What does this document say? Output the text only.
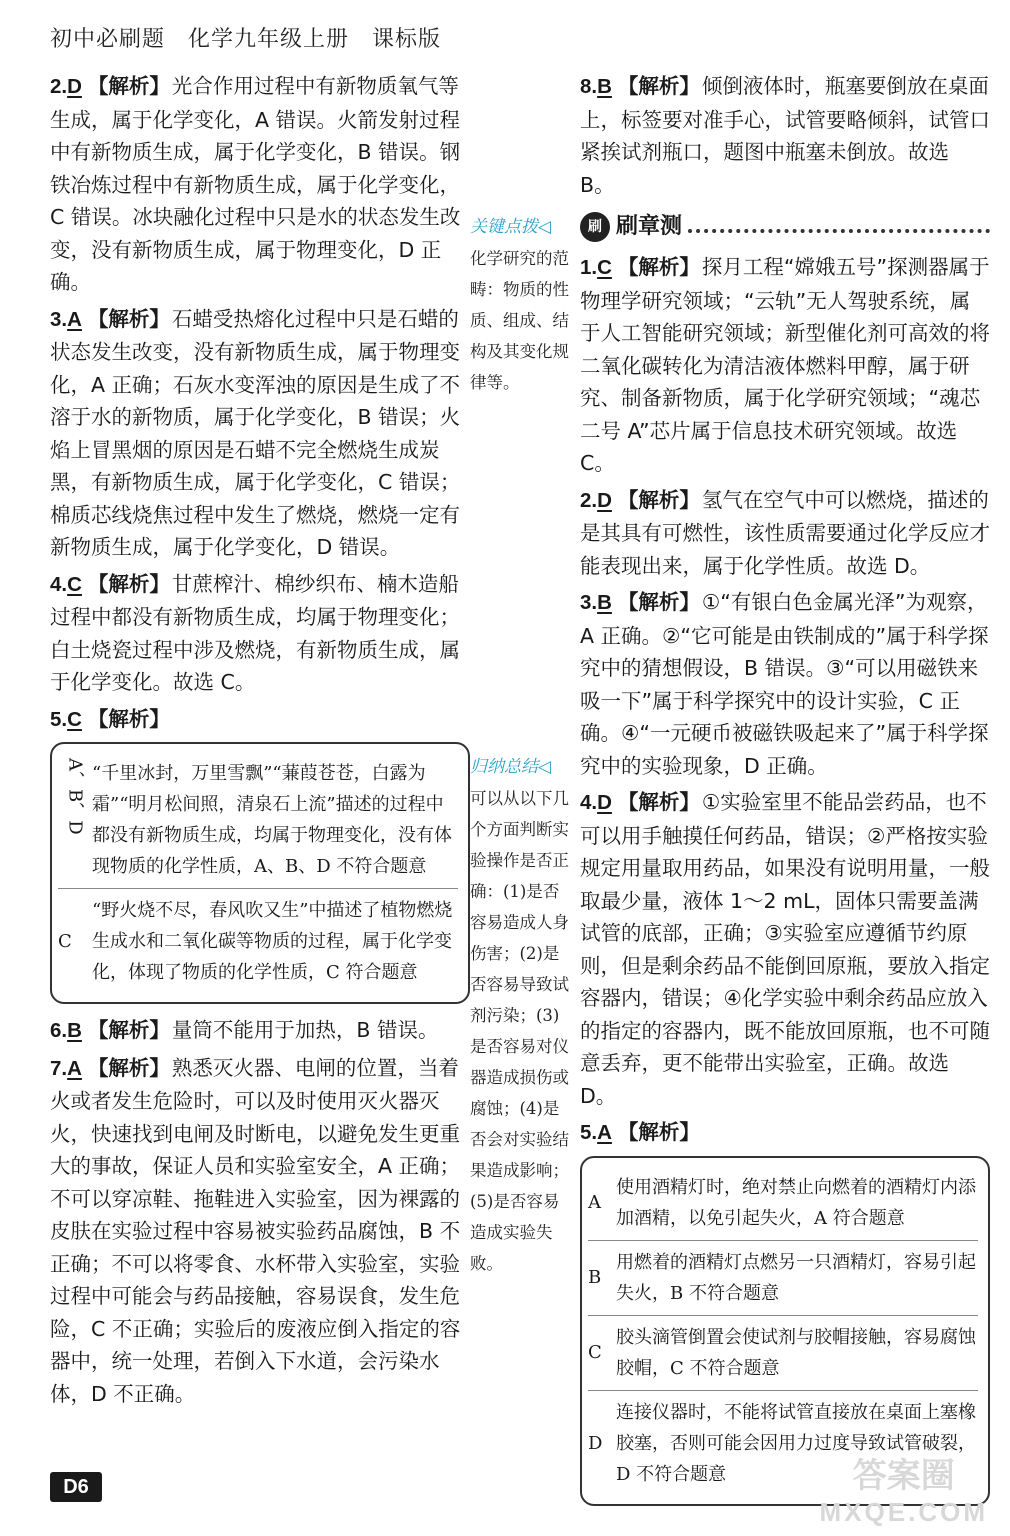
初中必刷题　化学九年级上册　课标版
2.D 【解析】光合作用过程中有新物质氧气等生成，属于化学变化，A 错误。火箭发射过程中有新物质生成，属于化学变化，B 错误。钢铁冶炼过程中有新物质生成，属于化学变化，C 错误。冰块融化过程中只是水的状态发生改变，没有新物质生成，属于物理变化，D 正确。
3.A 【解析】石蜡受热熔化过程中只是石蜡的状态发生改变，没有新物质生成，属于物理变化，A 正确；石灰水变浑浊的原因是生成了不溶于水的新物质，属于化学变化，B 错误；火焰上冒黑烟的原因是石蜡不完全燃烧生成炭黑，有新物质生成，属于化学变化，C 错误；棉质芯线烧焦过程中发生了燃烧，燃烧一定有新物质生成，属于化学变化，D 错误。
4.C 【解析】甘蔗榨汁、棉纱织布、楠木造船过程中都没有新物质生成，均属于物理变化；白土烧瓷过程中涉及燃烧，有新物质生成，属于化学变化。故选 C。
5.C 【解析】
A、B、D “千里冰封，万里雪飘”“蒹葭苍苍，白露为霜”“明月松间照，清泉石上流”描述的过程中都没有新物质生成，均属于物理变化，没有体现物质的化学性质，A、B、D 不符合题意
C
“野火烧不尽，春风吹又生”中描述了植物燃烧生成水和二氧化碳等物质的过程，属于化学变化，体现了物质的化学性质，C 符合题意
6.B 【解析】量筒不能用于加热，B 错误。
7.A 【解析】熟悉灭火器、电闸的位置，当着火或者发生危险时，可以及时使用灭火器灭火，快速找到电闸及时断电，以避免发生更重大的事故，保证人员和实验室安全，A 正确；不可以穿凉鞋、拖鞋进入实验室，因为裸露的皮肤在实验过程中容易被实验药品腐蚀，B 不正确；不可以将零食、水杯带入实验室，实验过程中可能会与药品接触，容易误食，发生危险，C 不正确；实验后的废液应倒入指定的容器中，统一处理，若倒入下水道，会污染水体，D 不正确。
关键点拨◁
化学研究的范畴：物质的性质、组成、结构及其变化规律等。
归纳总结◁
可以从以下几个方面判断实验操作是否正确：(1)是否容易造成人身伤害；(2)是否容易导致试剂污染；(3)是否容易对仪器造成损伤或腐蚀；(4)是否会对实验结果造成影响；(5)是否容易造成实验失败。
8.B 【解析】倾倒液体时，瓶塞要倒放在桌面上，标签要对准手心，试管要略倾斜，试管口紧挨试剂瓶口，题图中瓶塞未倒放。故选 B。
刷 刷章测
1.C 【解析】探月工程“嫦娥五号”探测器属于物理学研究领域；“云轨”无人驾驶系统，属于人工智能研究领域；新型催化剂可高效的将二氧化碳转化为清洁液体燃料甲醇，属于研究、制备新物质，属于化学研究领域；“魂芯二号 A”芯片属于信息技术研究领域。故选 C。
2.D 【解析】氢气在空气中可以燃烧，描述的是其具有可燃性，该性质需要通过化学反应才能表现出来，属于化学性质。故选 D。
3.B 【解析】①“有银白色金属光泽”为观察，A 正确。②“它可能是由铁制成的”属于科学探究中的猜想假设，B 错误。③“可以用磁铁来吸一下”属于科学探究中的设计实验，C 正确。④“一元硬币被磁铁吸起来了”属于科学探究中的实验现象，D 正确。
4.D 【解析】①实验室里不能品尝药品，也不可以用手触摸任何药品，错误；②严格按实验规定用量取用药品，如果没有说明用量，一般取最少量，液体 1～2 mL，固体只需要盖满试管的底部，正确；③实验室应遵循节约原则，但是剩余药品不能倒回原瓶，要放入指定容器内，错误；④化学实验中剩余药品应放入的指定的容器内，既不能放回原瓶，也不可随意丢弃，更不能带出实验室，正确。故选 D。
5.A 【解析】
A
使用酒精灯时，绝对禁止向燃着的酒精灯内添加酒精，以免引起失火，A 符合题意
B
用燃着的酒精灯点燃另一只酒精灯，容易引起失火，B 不符合题意
C
胶头滴管倒置会使试剂与胶帽接触，容易腐蚀胶帽，C 不符合题意
D
连接仪器时，不能将试管直接放在桌面上塞橡胶塞，否则可能会因用力过度导致试管破裂，D 不符合题意
D6	答案圈
MXQE.COM
